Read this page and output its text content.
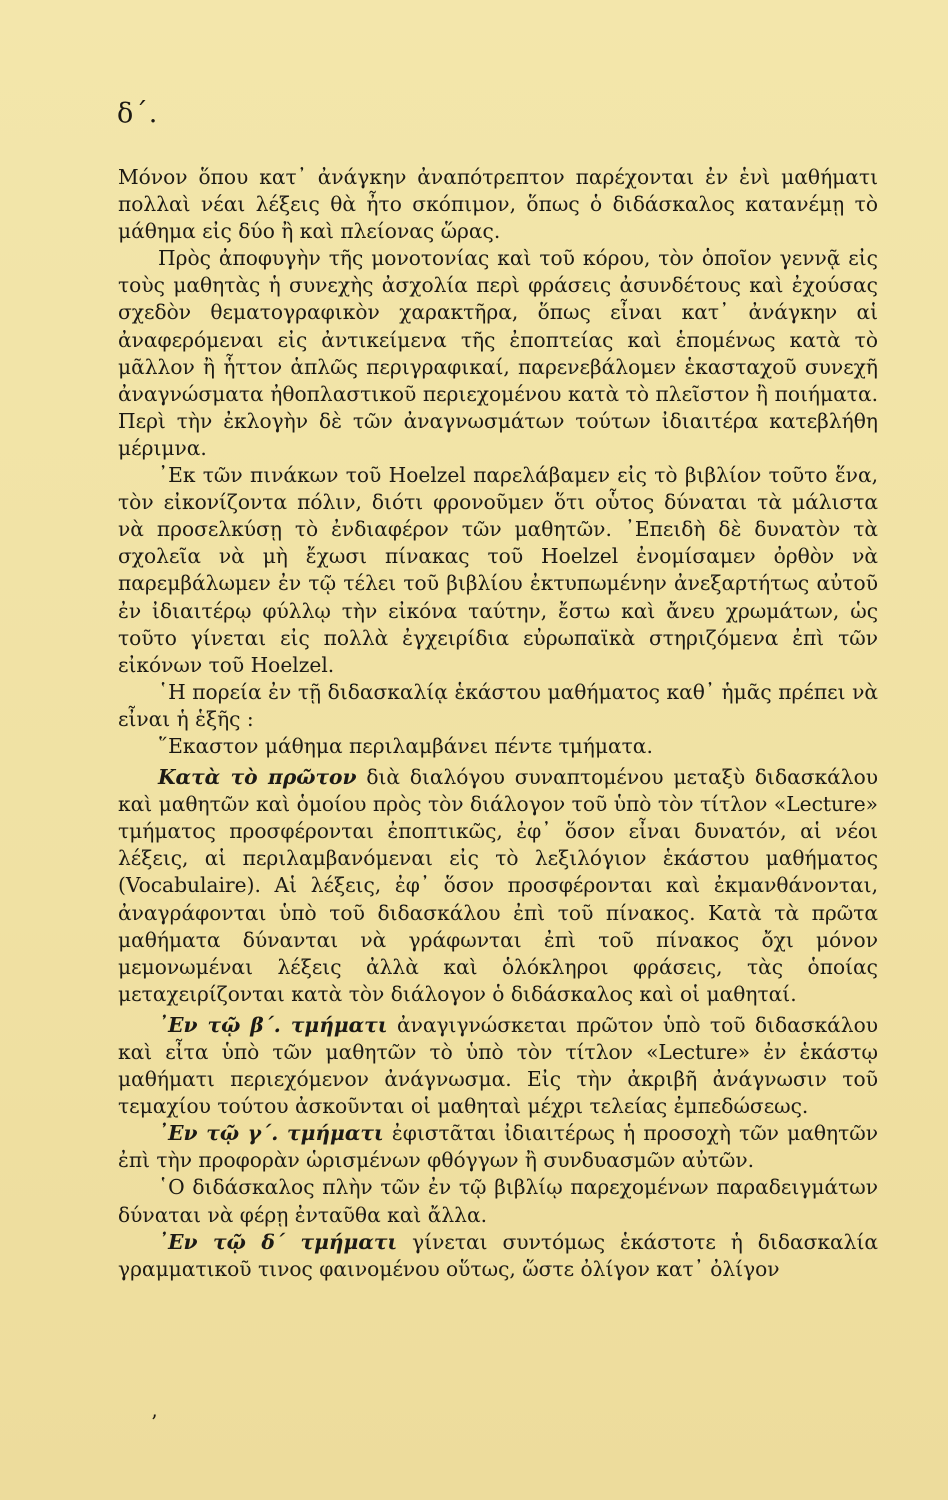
δ΄.

Μόνον ὅπου κατ᾿ ἀνάγκην ἀναπότρεπτον παρέχονται ἐν ἑνὶ μαθήματι πολλαὶ νέαι λέξεις θὰ ἦτο σκόπιμον, ὅπως ὁ διδάσκαλος κατανέμῃ τὸ μάθημα εἰς δύο ἢ καὶ πλείονας ὥρας.

Πρὸς ἀποφυγὴν τῆς μονοτονίας καὶ τοῦ κόρου, τὸν ὁποῖον γεννᾷ εἰς τοὺς μαθητὰς ἡ συνεχὴς ἀσχολία περὶ φράσεις ἀσυνδέτους καὶ ἐχούσας σχεδὸν θεματογραφικὸν χαρακτῆρα, ὅπως εἶναι κατ᾿ ἀνάγκην αἱ ἀναφερόμεναι εἰς ἀντικείμενα τῆς ἐποπτείας καὶ ἑπομένως κατὰ τὸ μᾶλλον ἢ ἧττον ἁπλῶς περιγραφικαί, παρενεβάλομεν ἑκασταχοῦ συνεχῆ ἀναγνώσματα ἠθοπλαστικοῦ περιεχομένου κατὰ τὸ πλεῖστον ἢ ποιήματα. Περὶ τὴν ἐκλογὴν δὲ τῶν ἀναγνωσμάτων τούτων ἰδιαιτέρα κατεβλήθη μέριμνα.

᾿Εκ τῶν πινάκων τοῦ Hoelzel παρελάβαμεν εἰς τὸ βιβλίον τοῦτο ἕνα, τὸν εἰκονίζοντα πόλιν, διότι φρονοῦμεν ὅτι οὗτος δύναται τὰ μάλιστα νὰ προσελκύσῃ τὸ ἐνδιαφέρον τῶν μαθητῶν. ᾿Επειδὴ δὲ δυνατὸν τὰ σχολεῖα νὰ μὴ ἔχωσι πίνακας τοῦ Hoelzel ἐνομίσαμεν ὀρθὸν νὰ παρεμβάλωμεν ἐν τῷ τέλει τοῦ βιβλίου ἐκτυπωμένην ἀνεξαρτήτως αὐτοῦ ἐν ἰδιαιτέρῳ φύλλῳ τὴν εἰκόνα ταύτην, ἔστω καὶ ἄνευ χρωμάτων, ὡς τοῦτο γίνεται εἰς πολλὰ ἐγχειρίδια εὐρωπαϊκὰ στηριζόμενα ἐπὶ τῶν εἰκόνων τοῦ Hoelzel.

῾Η πορεία ἐν τῇ διδασκαλίᾳ ἑκάστου μαθήματος καθ᾿ ἡμᾶς πρέπει νὰ εἶναι ἡ ἑξῆς :

῞Εκαστον μάθημα περιλαμβάνει πέντε τμήματα.

Κατὰ τὸ πρῶτον διὰ διαλόγου συναπτομένου μεταξὺ διδασκάλου καὶ μαθητῶν καὶ ὁμοίου πρὸς τὸν διάλογον τοῦ ὑπὸ τὸν τίτλον «Lecture» τμήματος προσφέρονται ἐποπτικῶς, ἐφ᾿ ὅσον εἶναι δυνατόν, αἱ νέοι λέξεις, αἱ περιλαμβανόμεναι εἰς τὸ λεξιλόγιον ἑκάστου μαθήματος (Vocabulaire). Αἱ λέξεις, ἐφ᾿ ὅσον προσφέρονται καὶ ἐκμανθάνονται, ἀναγράφονται ὑπὸ τοῦ διδασκάλου ἐπὶ τοῦ πίνακος. Κατὰ τὰ πρῶτα μαθήματα δύνανται νὰ γράφωνται ἐπὶ τοῦ πίνακος ὄχι μόνον μεμονωμέναι λέξεις ἀλλὰ καὶ ὁλόκληροι φράσεις, τὰς ὁποίας μεταχειρίζονται κατὰ τὸν διάλογον ὁ διδάσκαλος καὶ οἱ μαθηταί.

᾿Εν τῷ β΄. τμήματι ἀναγιγνώσκεται πρῶτον ὑπὸ τοῦ διδασκάλου καὶ εἶτα ὑπὸ τῶν μαθητῶν τὸ ὑπὸ τὸν τίτλον «Lecture» ἐν ἑκάστῳ μαθήματι περιεχόμενον ἀνάγνωσμα. Εἰς τὴν ἀκριβῆ ἀνάγνωσιν τοῦ τεμαχίου τούτου ἀσκοῦνται οἱ μαθηταὶ μέχρι τελείας ἐμπεδώσεως.

᾿Εν τῷ γ΄. τμήματι ἐφιστᾶται ἰδιαιτέρως ἡ προσοχὴ τῶν μαθητῶν ἐπὶ τὴν προφορὰν ὡρισμένων φθόγγων ἢ συνδυασμῶν αὐτῶν.

῾Ο διδάσκαλος πλὴν τῶν ἐν τῷ βιβλίῳ παρεχομένων παραδειγμάτων δύναται νὰ φέρῃ ἐνταῦθα καὶ ἄλλα.

᾿Εν τῷ δ΄ τμήματι γίνεται συντόμως ἑκάστοτε ἡ διδασκαλία γραμματικοῦ τινος φαινομένου οὕτως, ὥστε ὀλίγον κατ᾿ ὀλίγον

’
